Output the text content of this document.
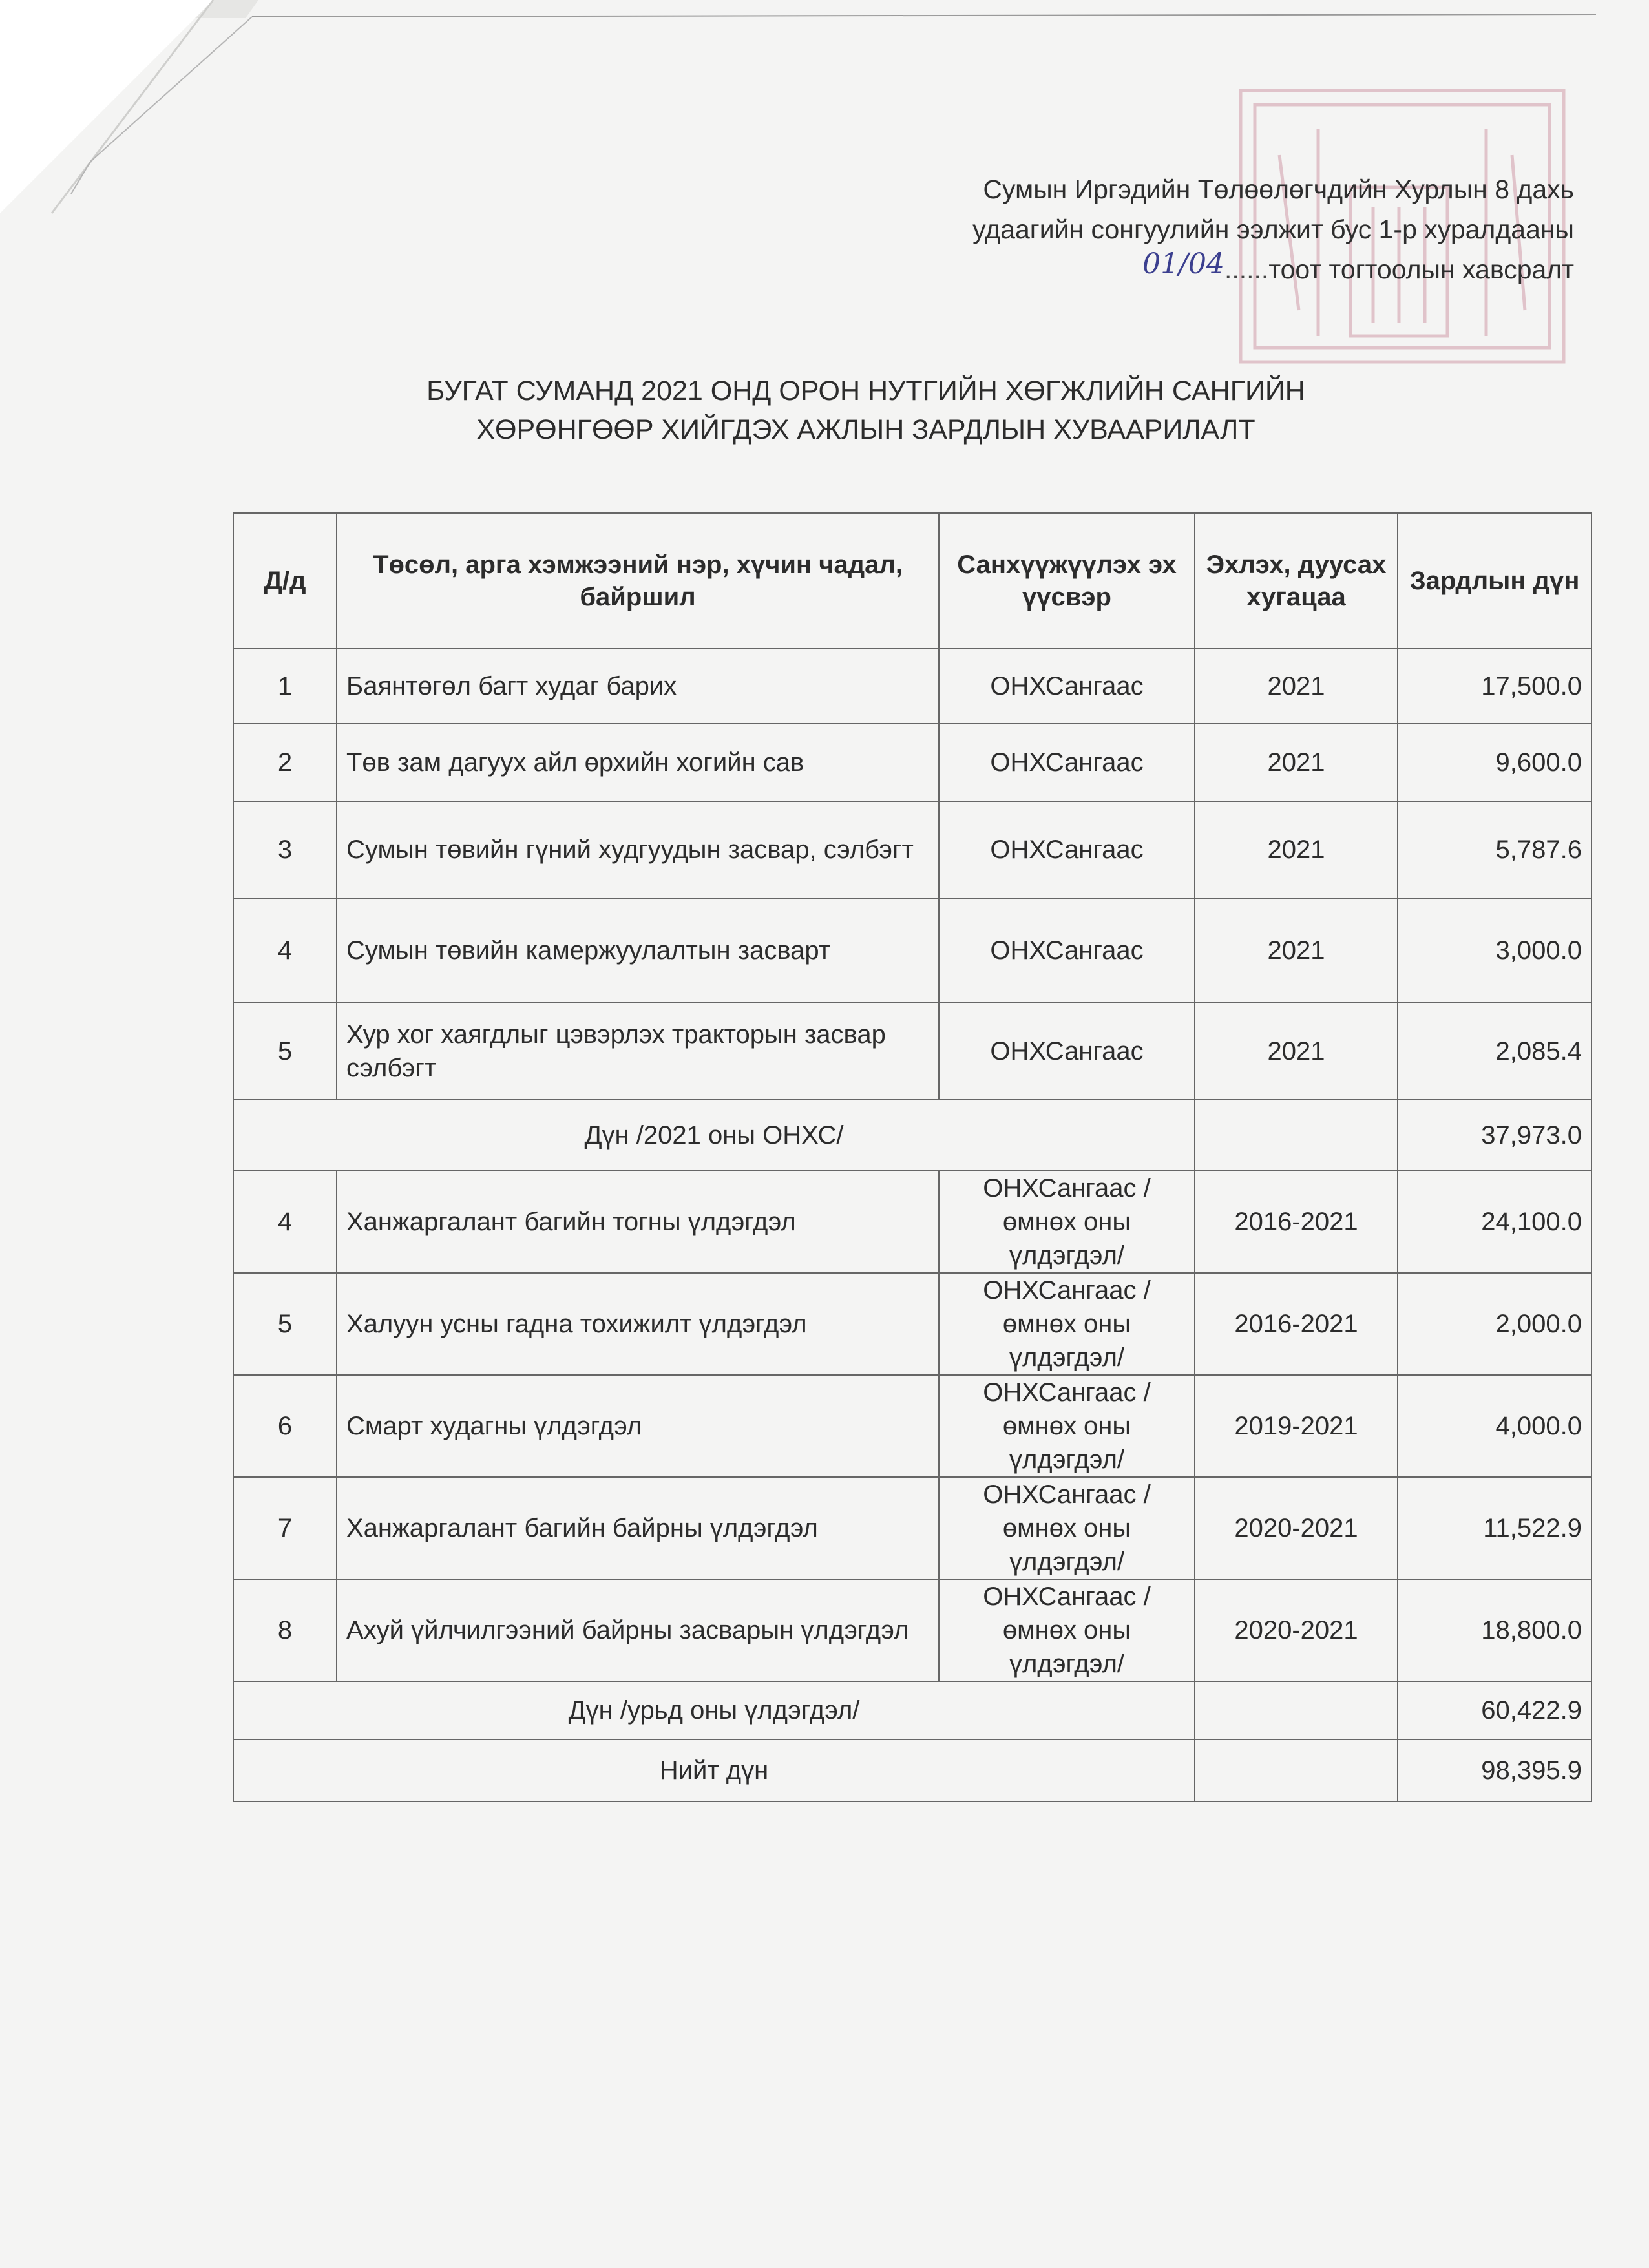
Сумын Иргэдийн Төлөөлөгчдийн Хурлын 8 дахь
удаагийн сонгуулийн ээлжит бус 1-р хуралдааны
01/04......тоот тогтоолын хавсралт
БУГАТ СУМАНД 2021 ОНД ОРОН НУТГИЙН ХӨГЖЛИЙН САНГИЙН
ХӨРӨНГӨӨР ХИЙГДЭХ АЖЛЫН ЗАРДЛЫН ХУВААРИЛАЛТ
Д/д	Төсөл, арга хэмжээний нэр, хүчин чадал, байршил	Санхүүжүүлэх эх үүсвэр	Эхлэх, дуусах хугацаа	Зардлын дүн
1	Баянтөгөл багт худаг барих	ОНХСангаас	2021	17,500.0
2	Төв зам дагуух айл өрхийн хогийн сав	ОНХСангаас	2021	9,600.0
3	Сумын төвийн гүний худгуудын засвар, сэлбэгт	ОНХСангаас	2021	5,787.6
4	Сумын төвийн камержуулалтын засварт	ОНХСангаас	2021	3,000.0
5	Хур хог хаягдлыг цэвэрлэх тракторын засвар сэлбэгт	ОНХСангаас	2021	2,085.4
Дүн /2021 оны ОНХС/				37,973.0
4	Ханжаргалант багийн тогны үлдэгдэл	ОНХСангаас /өмнөх оны үлдэгдэл/	2016-2021	24,100.0
5	Халуун усны гадна тохижилт үлдэгдэл	ОНХСангаас /өмнөх оны үлдэгдэл/	2016-2021	2,000.0
6	Смарт худагны үлдэгдэл	ОНХСангаас /өмнөх оны үлдэгдэл/	2019-2021	4,000.0
7	Ханжаргалант багийн байрны үлдэгдэл	ОНХСангаас /өмнөх оны үлдэгдэл/	2020-2021	11,522.9
8	Ахуй үйлчилгээний байрны засварын үлдэгдэл	ОНХСангаас /өмнөх оны үлдэгдэл/	2020-2021	18,800.0
Дүн /урьд оны үлдэгдэл/				60,422.9
Нийт дүн				98,395.9
